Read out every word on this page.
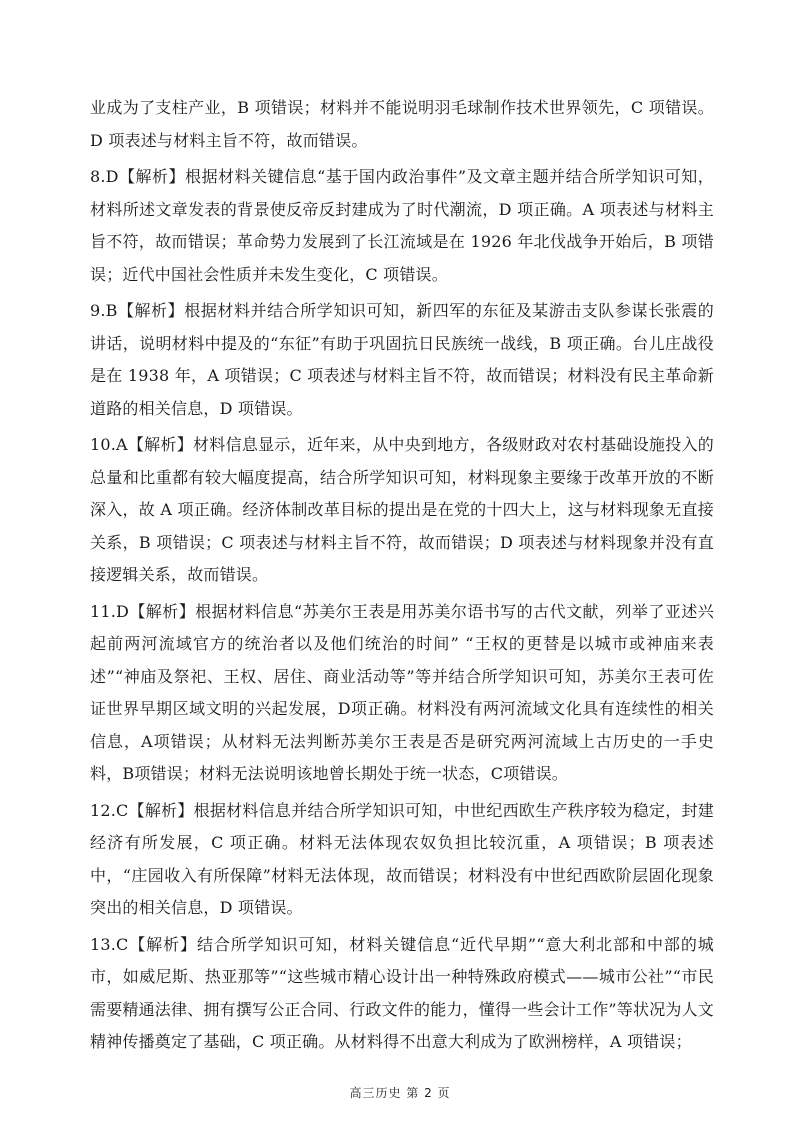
业成为了支柱产业，B 项错误；材料并不能说明羽毛球制作技术世界领先，C 项错误。D 项表述与材料主旨不符，故而错误。

8.D【解析】根据材料关键信息“基于国内政治事件”及文章主题并结合所学知识可知，材料所述文章发表的背景使反帝反封建成为了时代潮流，D 项正确。A 项表述与材料主旨不符，故而错误；革命势力发展到了长江流域是在 1926 年北伐战争开始后，B 项错误；近代中国社会性质并未发生变化，C 项错误。

9.B【解析】根据材料并结合所学知识可知，新四军的东征及某游击支队参谋长张震的讲话，说明材料中提及的“东征”有助于巩固抗日民族统一战线，B 项正确。台儿庄战役是在 1938 年，A 项错误；C 项表述与材料主旨不符，故而错误；材料没有民主革命新道路的相关信息，D 项错误。

10.A【解析】材料信息显示，近年来，从中央到地方，各级财政对农村基础设施投入的总量和比重都有较大幅度提高，结合所学知识可知，材料现象主要缘于改革开放的不断深入，故 A 项正确。经济体制改革目标的提出是在党的十四大上，这与材料现象无直接关系，B 项错误；C 项表述与材料主旨不符，故而错误；D 项表述与材料现象并没有直接逻辑关系，故而错误。

11.D【解析】根据材料信息“苏美尔王表是用苏美尔语书写的古代文献，列举了亚述兴起前两河流域官方的统治者以及他们统治的时间” “王权的更替是以城市或神庙来表述”“神庙及祭祀、王权、居住、商业活动等”等并结合所学知识可知，苏美尔王表可佐证世界早期区域文明的兴起发展，D项正确。材料没有两河流域文化具有连续性的相关信息，A项错误；从材料无法判断苏美尔王表是否是研究两河流域上古历史的一手史料，B项错误；材料无法说明该地曾长期处于统一状态，C项错误。

12.C【解析】根据材料信息并结合所学知识可知，中世纪西欧生产秩序较为稳定，封建经济有所发展，C 项正确。材料无法体现农奴负担比较沉重，A 项错误；B 项表述中，“庄园收入有所保障”材料无法体现，故而错误；材料没有中世纪西欧阶层固化现象突出的相关信息，D 项错误。

13.C【解析】结合所学知识可知，材料关键信息“近代早期”“意大利北部和中部的城市，如威尼斯、热亚那等”“这些城市精心设计出一种特殊政府模式——城市公社”“市民需要精通法律、拥有撰写公正合同、行政文件的能力，懂得一些会计工作”等状况为人文精神传播奠定了基础，C 项正确。从材料得不出意大利成为了欧洲榜样，A 项错误；

高三历史 第 2 页
